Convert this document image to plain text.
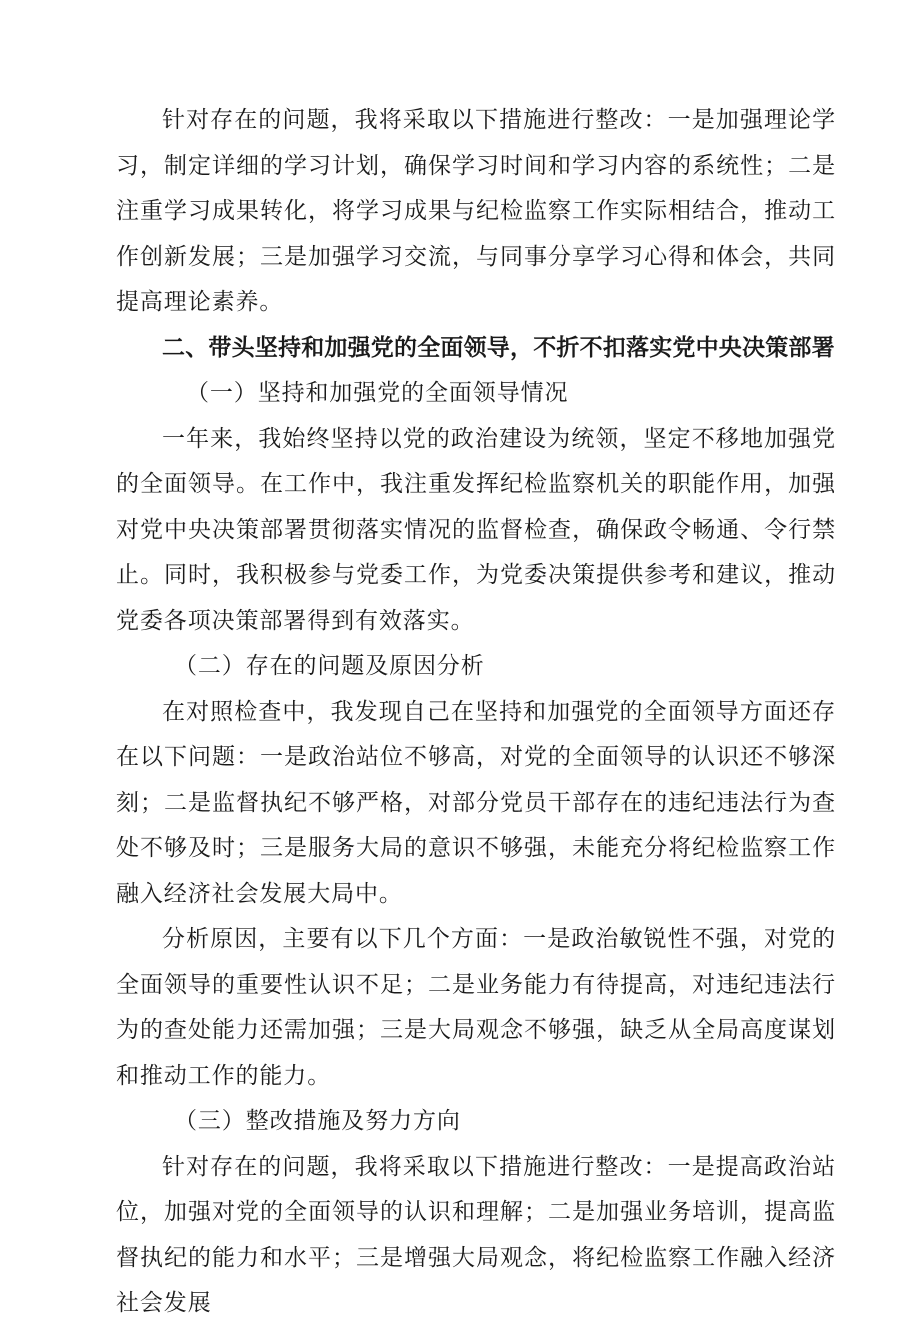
针对存在的问题，我将采取以下措施进行整改：一是加强理论学习，制定详细的学习计划，确保学习时间和学习内容的系统性；二是注重学习成果转化，将学习成果与纪检监察工作实际相结合，推动工作创新发展；三是加强学习交流，与同事分享学习心得和体会，共同提高理论素养。

二、带头坚持和加强党的全面领导，不折不扣落实党中央决策部署

（一）坚持和加强党的全面领导情况

一年来，我始终坚持以党的政治建设为统领，坚定不移地加强党的全面领导。在工作中，我注重发挥纪检监察机关的职能作用，加强对党中央决策部署贯彻落实情况的监督检查，确保政令畅通、令行禁止。同时，我积极参与党委工作，为党委决策提供参考和建议，推动党委各项决策部署得到有效落实。

（二）存在的问题及原因分析

在对照检查中，我发现自己在坚持和加强党的全面领导方面还存在以下问题：一是政治站位不够高，对党的全面领导的认识还不够深刻；二是监督执纪不够严格，对部分党员干部存在的违纪违法行为查处不够及时；三是服务大局的意识不够强，未能充分将纪检监察工作融入经济社会发展大局中。

分析原因，主要有以下几个方面：一是政治敏锐性不强，对党的全面领导的重要性认识不足；二是业务能力有待提高，对违纪违法行为的查处能力还需加强；三是大局观念不够强，缺乏从全局高度谋划和推动工作的能力。

（三）整改措施及努力方向

针对存在的问题，我将采取以下措施进行整改：一是提高政治站位，加强对党的全面领导的认识和理解；二是加强业务培训，提高监督执纪的能力和水平；三是增强大局观念，将纪检监察工作融入经济社会发展
